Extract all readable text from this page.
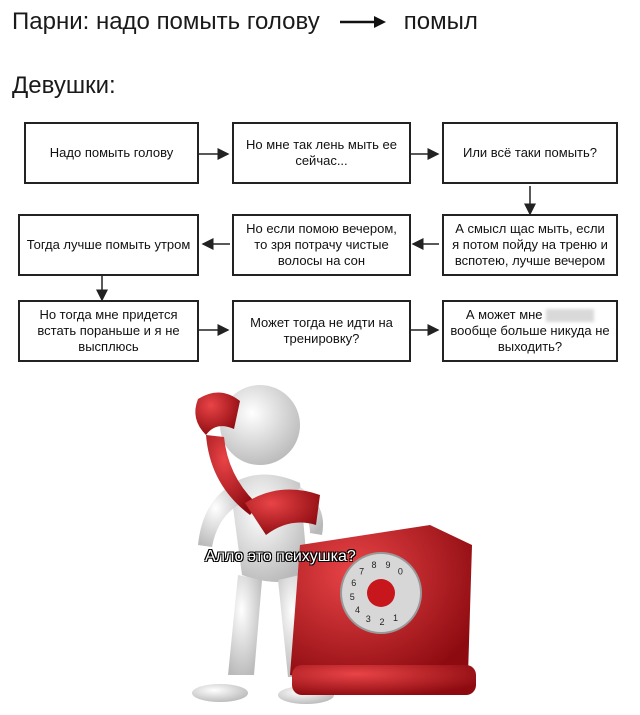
Парни: надо помыть голову	помыл
Девушки:
Надо помыть голову
Но мне так лень мыть ее сейчас...
Или всё таки помыть?
Тогда лучше помыть утром
Но если помою вечером, то зря потрачу чистые волосы на сон
А смысл щас мыть, если я потом пойду на треню и вспотею, лучше вечером
Но тогда мне придется встать пораньше и я не высплюсь
Может тогда не идти на тренировку?
А может мне
вообще больше никуда не выходить?
1
2
3
4
5
6
7
8 9
0
Алло это психушка?
